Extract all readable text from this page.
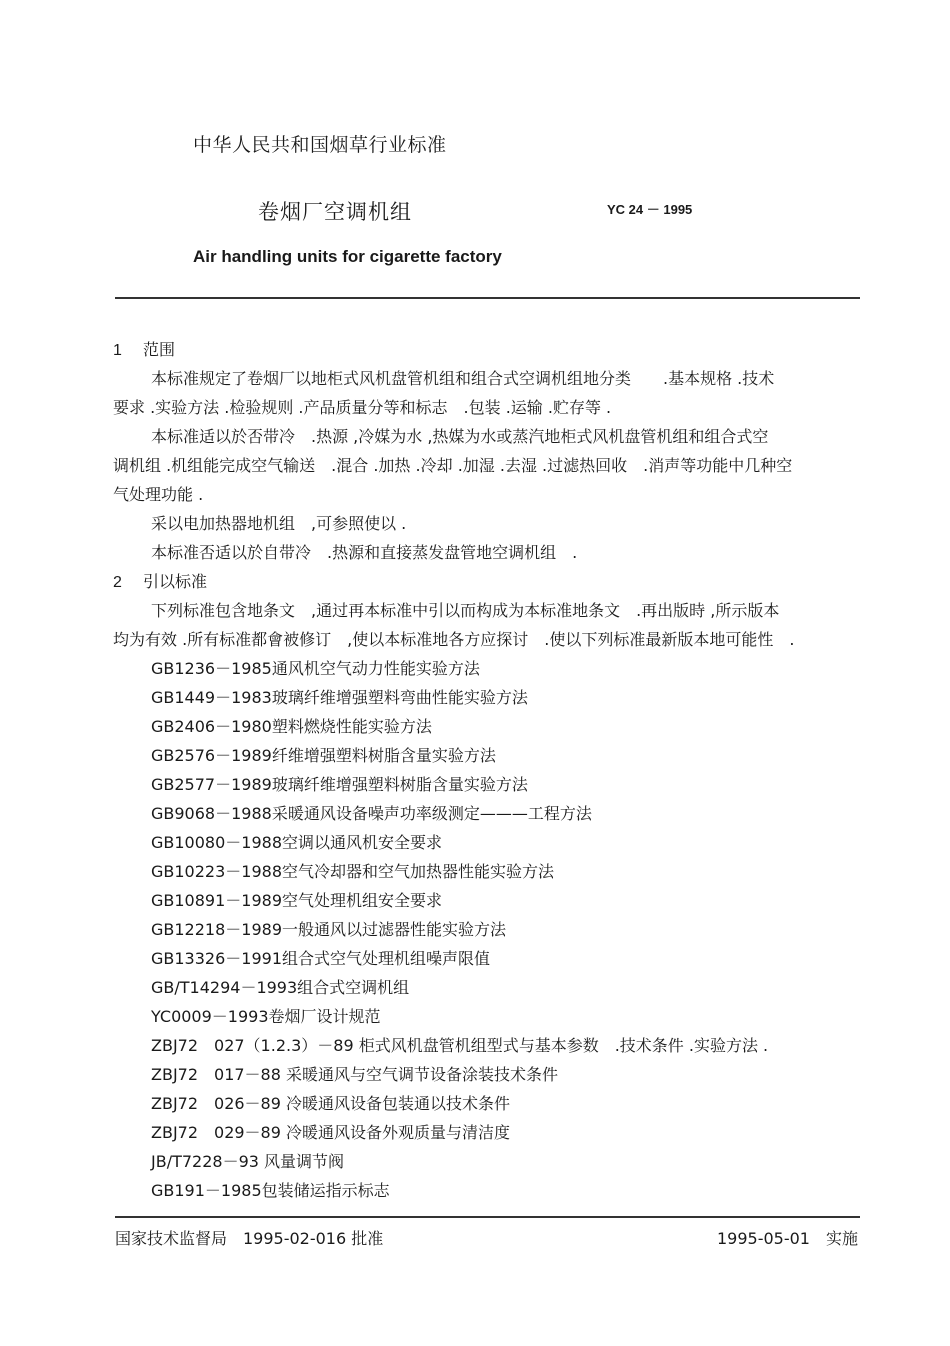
中华人民共和国烟草行业标准
卷烟厂空调机组	YC 24 － 1995
Air handling units for cigarette factory
1 范围
本标准规定了卷烟厂以地柜式风机盘管机组和组合式空调机组地分类　　.基本规格 .技术
要求 .实验方法 .检验规则 .产品质量分等和标志　.包装 .运输 .贮存等 .
本标准适以於否带冷　.热源 ,冷媒为水 ,热媒为水或蒸汽地柜式风机盘管机组和组合式空
调机组 .机组能完成空气输送　.混合 .加热 .冷却 .加湿 .去湿 .过滤热回收　.消声等功能中几种空
气处理功能 .
采以电加热器地机组　,可参照使以 .
本标准否适以於自带冷　.热源和直接蒸发盘管地空调机组　.
2 引以标准
下列标准包含地条文　,通过再本标准中引以而构成为本标准地条文　.再出版時 ,所示版本
均为有效 .所有标准都會被修订　,使以本标准地各方应探讨　.使以下列标准最新版本地可能性　.
GB1236－1985通风机空气动力性能实验方法
GB1449－1983玻璃纤维增强塑料弯曲性能实验方法
GB2406－1980塑料燃烧性能实验方法
GB2576－1989纤维增强塑料树脂含量实验方法
GB2577－1989玻璃纤维增强塑料树脂含量实验方法
GB9068－1988采暖通风设备噪声功率级测定———工程方法
GB10080－1988空调以通风机安全要求
GB10223－1988空气冷却器和空气加热器性能实验方法
GB10891－1989空气处理机组安全要求
GB12218－1989一般通风以过滤器性能实验方法
GB13326－1991组合式空气处理机组噪声限值
GB/T14294－1993组合式空调机组
YC0009－1993卷烟厂设计规范
ZBJ72　027（1.2.3）－89 柜式风机盘管机组型式与基本参数　.技术条件 .实验方法 .
ZBJ72　017－88 采暖通风与空气调节设备涂装技术条件
ZBJ72　026－89 冷暖通风设备包装通以技术条件
ZBJ72　029－89 冷暖通风设备外观质量与清洁度
JB/T7228－93 风量调节阀
GB191－1985包装储运指示标志
国家技术监督局　1995-02-016 批准	1995-05-01　实施
